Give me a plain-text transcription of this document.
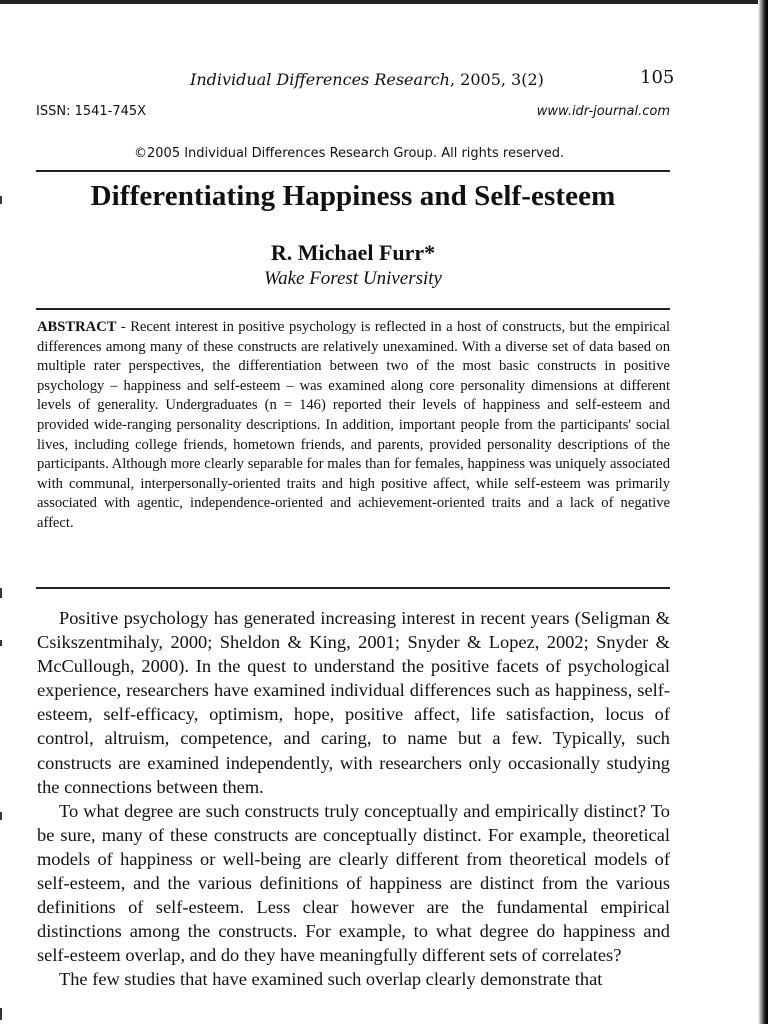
Individual Differences Research, 2005, 3(2)	105
ISSN: 1541-745X	www.idr-journal.com
©2005 Individual Differences Research Group. All rights reserved.
Differentiating Happiness and Self-esteem
R. Michael Furr*
Wake Forest University
ABSTRACT - Recent interest in positive psychology is reflected in a host of constructs, but the empirical differences among many of these constructs are relatively unexamined. With a diverse set of data based on multiple rater perspectives, the differentiation between two of the most basic constructs in positive psychology – happiness and self-esteem – was examined along core personality dimensions at different levels of generality. Undergraduates (n = 146) reported their levels of happiness and self-esteem and provided wide-ranging personality descriptions. In addition, important people from the participants' social lives, including college friends, hometown friends, and parents, provided personality descriptions of the participants. Although more clearly separable for males than for females, happiness was uniquely associated with communal, interpersonally-oriented traits and high positive affect, while self-esteem was primarily associated with agentic, independence-oriented and achievement-oriented traits and a lack of negative affect.

Positive psychology has generated increasing interest in recent years (Seligman & Csikszentmihaly, 2000; Sheldon & King, 2001; Snyder & Lopez, 2002; Snyder & McCullough, 2000). In the quest to understand the positive facets of psychological experience, researchers have examined individual differences such as happiness, self-esteem, self-efficacy, optimism, hope, positive affect, life satisfaction, locus of control, altruism, competence, and caring, to name but a few. Typically, such constructs are examined independently, with researchers only occasionally studying the connections between them.

To what degree are such constructs truly conceptually and empirically distinct? To be sure, many of these constructs are conceptually distinct. For example, theoretical models of happiness or well-being are clearly different from theoretical models of self-esteem, and the various definitions of happiness are distinct from the various definitions of self-esteem. Less clear however are the fundamental empirical distinctions among the constructs. For example, to what degree do happiness and self-esteem overlap, and do they have meaningfully different sets of correlates?

The few studies that have examined such overlap clearly demonstrate that
